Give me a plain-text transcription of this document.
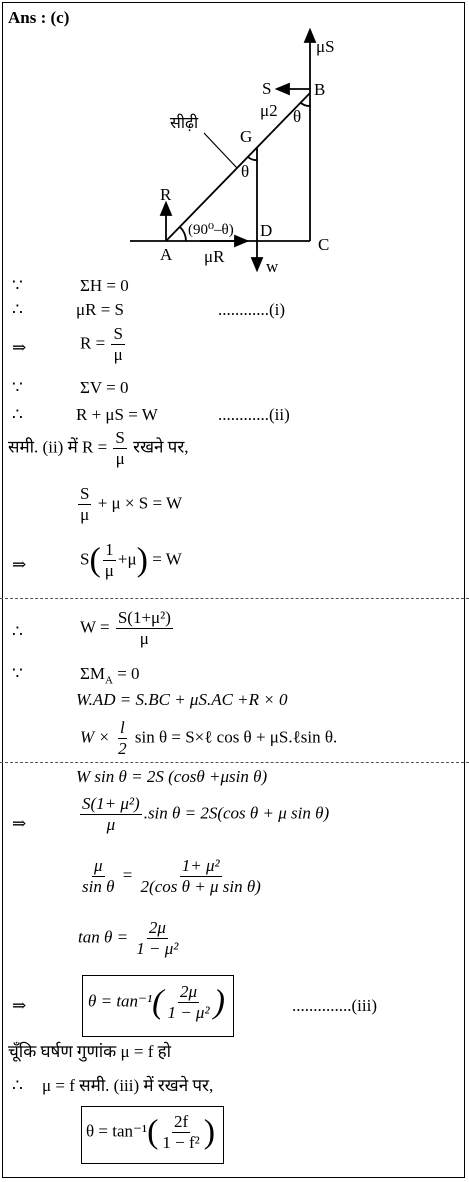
Ans : (c)
μS
S	B
μ2 θ
सीढ़ी
G
θ
R
(90⁰–θ) D
C
A μR
w
∵	ΣH = 0
∴	μR = S	............(i)
⇒	$R = \frac{S}{\mu}$
∵	ΣV = 0
∴	R + μS = W	............(ii)
समी. (ii) में $R = \frac{S}{\mu}$ रखने पर,
$\frac{S}{\mu} + \mu \times S = W$
⇒	$S( \frac{1}{\mu} +\mu) = W$
∴	$W = \frac{\text{S(1+μ²)}}{\mu}$
∵	$\Sigma M_A = 0$
W.AD = S.BC + μS.AC +R × 0
$W \times \frac{l}{2}$ sin θ = S×ℓ cos θ + μS.ℓsin θ.
W sin θ = 2S (cosθ +μsin θ)
⇒	$\frac{\text{S(1+ μ²)}}{\mu} .\sin$ θ = 2S(cos θ + μ sin θ)
$\frac{\mu}{\text{sin θ}} = \frac{\text{1+ μ²}}{\text{2(cos θ + μ sin θ)}}$
$\tan \theta = \frac{2\mu}{\text{1 − μ²}}$
⇒	$\theta = \tan^{-1}( \frac{2\mu}{\text{1 − μ²}}$ )	..............(iii)
चूँकि घर्षण गुणांक μ = f हो
∴ μ = f समी. (iii) में रखने पर,
$\theta = \tan^{-1}( \frac{2f}{\text{1 − f²}}$ )
